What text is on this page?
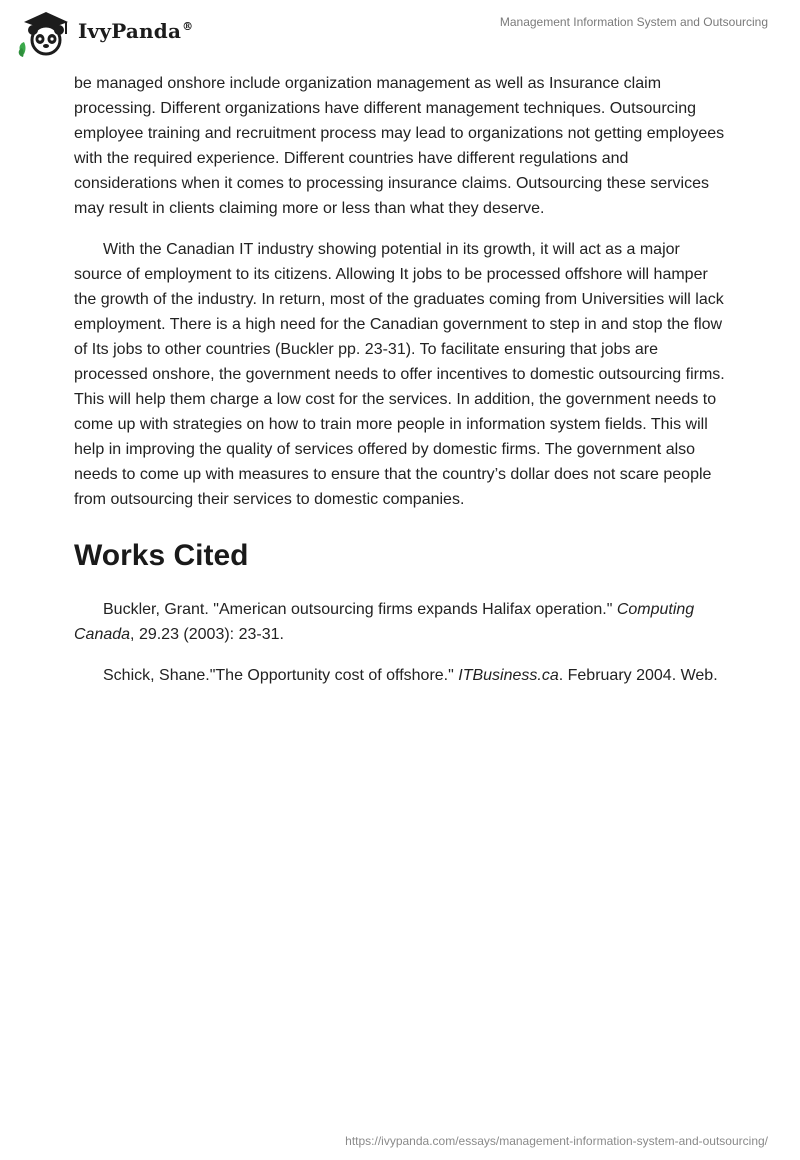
IvyPanda®	Management Information System and Outsourcing

be managed onshore include organization management as well as Insurance claim processing. Different organizations have different management techniques. Outsourcing employee training and recruitment process may lead to organizations not getting employees with the required experience. Different countries have different regulations and considerations when it comes to processing insurance claims. Outsourcing these services may result in clients claiming more or less than what they deserve.

With the Canadian IT industry showing potential in its growth, it will act as a major source of employment to its citizens. Allowing It jobs to be processed offshore will hamper the growth of the industry. In return, most of the graduates coming from Universities will lack employment. There is a high need for the Canadian government to step in and stop the flow of Its jobs to other countries (Buckler pp. 23-31). To facilitate ensuring that jobs are processed onshore, the government needs to offer incentives to domestic outsourcing firms. This will help them charge a low cost for the services. In addition, the government needs to come up with strategies on how to train more people in information system fields. This will help in improving the quality of services offered by domestic firms. The government also needs to come up with measures to ensure that the country’s dollar does not scare people from outsourcing their services to domestic companies.

Works Cited

Buckler, Grant. "American outsourcing firms expands Halifax operation." Computing Canada, 29.23 (2003): 23-31.

Schick, Shane."The Opportunity cost of offshore." ITBusiness.ca. February 2004. Web.

https://ivypanda.com/essays/management-information-system-and-outsourcing/
